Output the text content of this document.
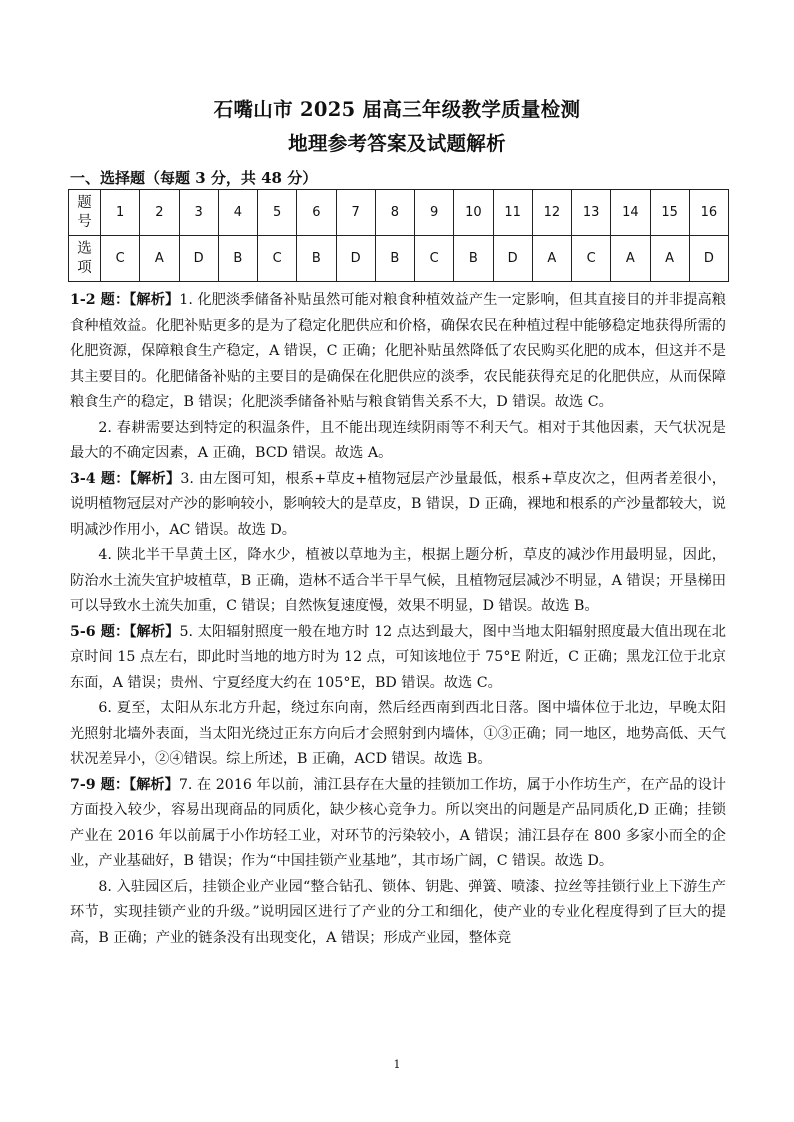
石嘴山市 2025 届高三年级教学质量检测
地理参考答案及试题解析
一、选择题（每题 3 分，共 48 分）
题
号	1	2	3	4	5	6	7	8	9	10	11	12	13	14	15	16
选
项	C	A	D	B	C	B	D	B	C	B	D	A	C	A	A	D

1-2 题：【解析】1. 化肥淡季储备补贴虽然可能对粮食种植效益产生一定影响，但其直接目的并非提高粮食种植效益。化肥补贴更多的是为了稳定化肥供应和价格，确保农民在种植过程中能够稳定地获得所需的化肥资源，保障粮食生产稳定，A 错误，C 正确；化肥补贴虽然降低了农民购买化肥的成本，但这并不是其主要目的。化肥储备补贴的主要目的是确保在化肥供应的淡季，农民能获得充足的化肥供应，从而保障粮食生产的稳定，B 错误；化肥淡季储备补贴与粮食销售关系不大，D 错误。故选 C。

2. 春耕需要达到特定的积温条件，且不能出现连续阴雨等不利天气。相对于其他因素，天气状况是最大的不确定因素，A 正确，BCD 错误。故选 A。

3-4 题：【解析】3. 由左图可知，根系+草皮+植物冠层产沙量最低，根系+草皮次之，但两者差很小，说明植物冠层对产沙的影响较小，影响较大的是草皮，B 错误，D 正确，裸地和根系的产沙量都较大，说明减沙作用小，AC 错误。故选 D。

4. 陕北半干旱黄土区，降水少，植被以草地为主，根据上题分析，草皮的减沙作用最明显，因此，防治水土流失宜护坡植草，B 正确，造林不适合半干旱气候，且植物冠层减沙不明显，A 错误；开垦梯田可以导致水土流失加重，C 错误；自然恢复速度慢，效果不明显，D 错误。故选 B。

5-6 题：【解析】5. 太阳辐射照度一般在地方时 12 点达到最大，图中当地太阳辐射照度最大值出现在北京时间 15 点左右，即此时当地的地方时为 12 点，可知该地位于 75°E 附近，C 正确；黑龙江位于北京东面，A 错误；贵州、宁夏经度大约在 105°E，BD 错误。故选 C。

6. 夏至，太阳从东北方升起，绕过东向南，然后经西南到西北日落。图中墙体位于北边，早晚太阳光照射北墙外表面，当太阳光绕过正东方向后才会照射到内墙体，①③正确；同一地区，地势高低、天气状况差异小，②④错误。综上所述，B 正确，ACD 错误。故选 B。

7-9 题：【解析】7. 在 2016 年以前，浦江县存在大量的挂锁加工作坊，属于小作坊生产，在产品的设计方面投入较少，容易出现商品的同质化，缺少核心竞争力。所以突出的问题是产品同质化,D 正确；挂锁产业在 2016 年以前属于小作坊轻工业，对环节的污染较小，A 错误；浦江县存在 800 多家小而全的企业，产业基础好，B 错误；作为“中国挂锁产业基地”，其市场广阔，C 错误。故选 D。

8. 入驻园区后，挂锁企业产业园“整合钻孔、锁体、钥匙、弹簧、喷漆、拉丝等挂锁行业上下游生产环节，实现挂锁产业的升级。”说明园区进行了产业的分工和细化，使产业的专业化程度得到了巨大的提高，B 正确；产业的链条没有出现变化，A 错误；形成产业园，整体竞

1
